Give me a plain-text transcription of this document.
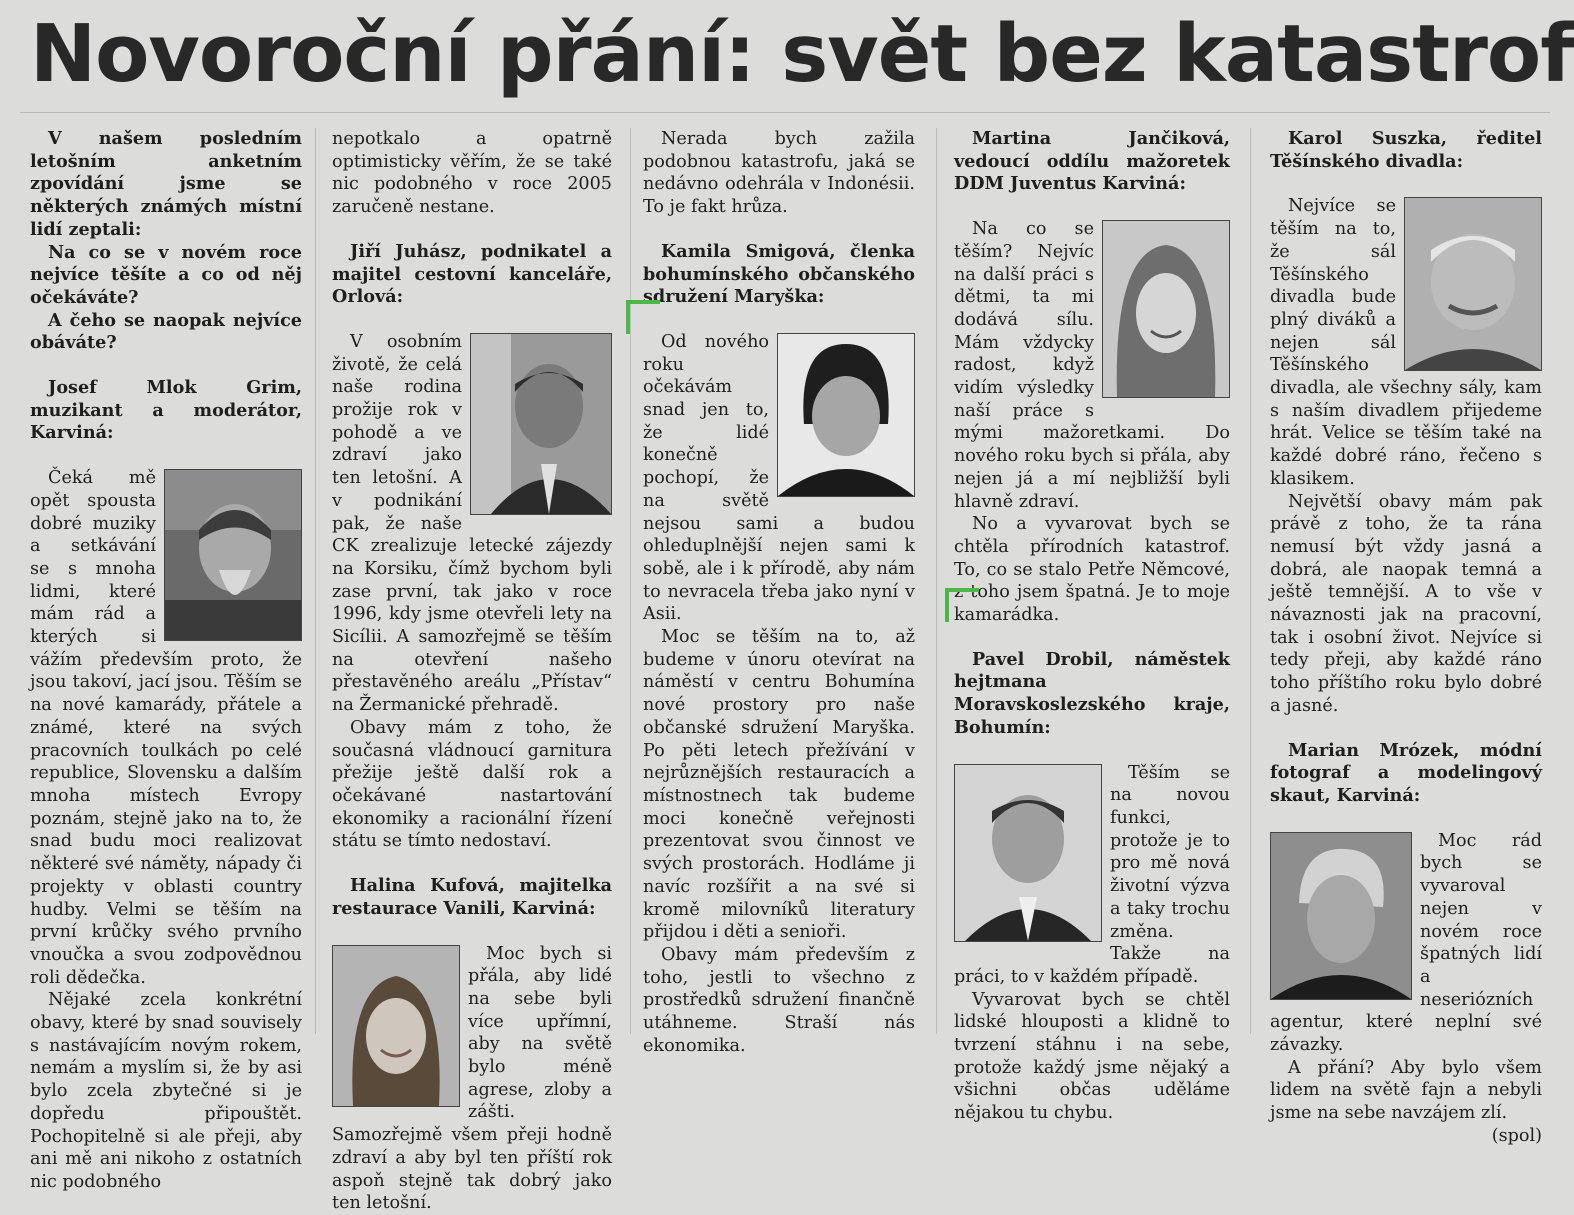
Novoroční přání: svět bez katastrof

V našem posledním letošním anketním zpovídání jsme se některých známých místní lidí zeptali:

Na co se v novém roce nejvíce těšíte a co od něj očekáváte?

A čeho se naopak nejvíce obáváte?

Josef Mlok Grim, muzikant a moderátor, Karviná:

Čeká mě opět spousta dobré muziky a setkávání se s mnoha lidmi, které mám rád a kterých si vážím především proto, že jsou takoví, jací jsou. Těším se na nové kamarády, přátele a známé, které na svých pracovních toulkách po celé republice, Slovensku a dalším mnoha místech Evropy poznám, stejně jako na to, že snad budu moci realizovat některé své náměty, nápady či projekty v oblasti country hudby. Velmi se těším na první krůčky svého prvního vnoučka a svou zodpovědnou roli dědečka.

Nějaké zcela konkrétní obavy, které by snad souvisely s nastávajícím novým rokem, nemám a myslím si, že by asi bylo zcela zbytečné si je dopředu připouštět. Pochopitelně si ale přeji, aby ani mě ani nikoho z ostatních nic podobného

nepotkalo a opatrně optimisticky věřím, že se také nic podobného v roce 2005 zaručeně nestane.

Jiří Juhász, podnikatel a majitel cestovní kanceláře, Orlová:

V osobním životě, že celá naše rodina prožije rok v pohodě a ve zdraví jako ten letošní. A v podnikání pak, že naše CK zrealizuje letecké zájezdy na Korsiku, čímž bychom byli zase první, tak jako v roce 1996, kdy jsme otevřeli lety na Sicílii. A samozřejmě se těším na otevření našeho přestavěného areálu „Přístav“ na Žermanické přehradě.

Obavy mám z toho, že současná vládnoucí garnitura přežije ještě další rok a očekávané nastartování ekonomiky a racionální řízení státu se tímto nedostaví.

Halina Kufová, majitelka restaurace Vanili, Karviná:

Moc bych si přála, aby lidé na sebe byli více upřímní, aby na světě bylo méně agrese, zloby a zášti. Samozřejmě všem přeji hodně zdraví a aby byl ten příští rok aspoň stejně tak dobrý jako ten letošní.

Nerada bych zažila podobnou katastrofu, jaká se nedávno odehrála v Indonésii. To je fakt hrůza.

Kamila Smigová, členka bohumínského občanského sdružení Maryška:

Od nového roku očekávám snad jen to, že lidé konečně pochopí, že na světě nejsou sami a budou ohleduplnější nejen sami k sobě, ale i k přírodě, aby nám to nevracela třeba jako nyní v Asii.

Moc se těším na to, až budeme v únoru otevírat na náměstí v centru Bohumína nové prostory pro naše občanské sdružení Maryška. Po pěti letech přežívání v nejrůznějších restauracích a místnostnech tak budeme moci konečně veřejnosti prezentovat svou činnost ve svých prostorách. Hodláme ji navíc rozšířit a na své si kromě milovníků literatury přijdou i děti a senioři.

Obavy mám především z toho, jestli to všechno z prostředků sdružení finančně utáhneme. Straší nás ekonomika.

Martina Jančiková, vedoucí oddílu mažoretek DDM Juventus Karviná:

Na co se těším? Nejvíc na další práci s dětmi, ta mi dodává sílu. Mám vždycky radost, když vidím výsledky naší práce s mými mažoretkami. Do nového roku bych si přála, aby nejen já a mí nejbližší byli hlavně zdraví.

No a vyvarovat bych se chtěla přírodních katastrof. To, co se stalo Petře Němcové, z toho jsem špatná. Je to moje kamarádka.

Pavel Drobil, náměstek hejtmana Moravskoslezského kraje, Bohumín:

Těším se na novou funkci, protože je to pro mě nová životní výzva a taky trochu změna. Takže na práci, to v každém případě.

Vyvarovat bych se chtěl lidské hlouposti a klidně to tvrzení stáhnu i na sebe, protože každý jsme nějaký a všichni občas uděláme nějakou tu chybu.

Karol Suszka, ředitel Těšínského divadla:

Nejvíce se těším na to, že sál Těšínského divadla bude plný diváků a nejen sál Těšínského divadla, ale všechny sály, kam s naším divadlem přijedeme hrát. Velice se těším také na každé dobré ráno, řečeno s klasikem.

Největší obavy mám pak právě z toho, že ta rána nemusí být vždy jasná a dobrá, ale naopak temná a ještě temnější. A to vše v návaznosti jak na pracovní, tak i osobní život. Nejvíce si tedy přeji, aby každé ráno toho příštího roku bylo dobré a jasné.

Marian Mrózek, módní fotograf a modelingový skaut, Karviná:

Moc rád bych se vyvaroval nejen v novém roce špatných lidí a neseriózních agentur, které neplní své závazky.

A přání? Aby bylo všem lidem na světě fajn a nebyli jsme na sebe navzájem zlí.
(spol)
